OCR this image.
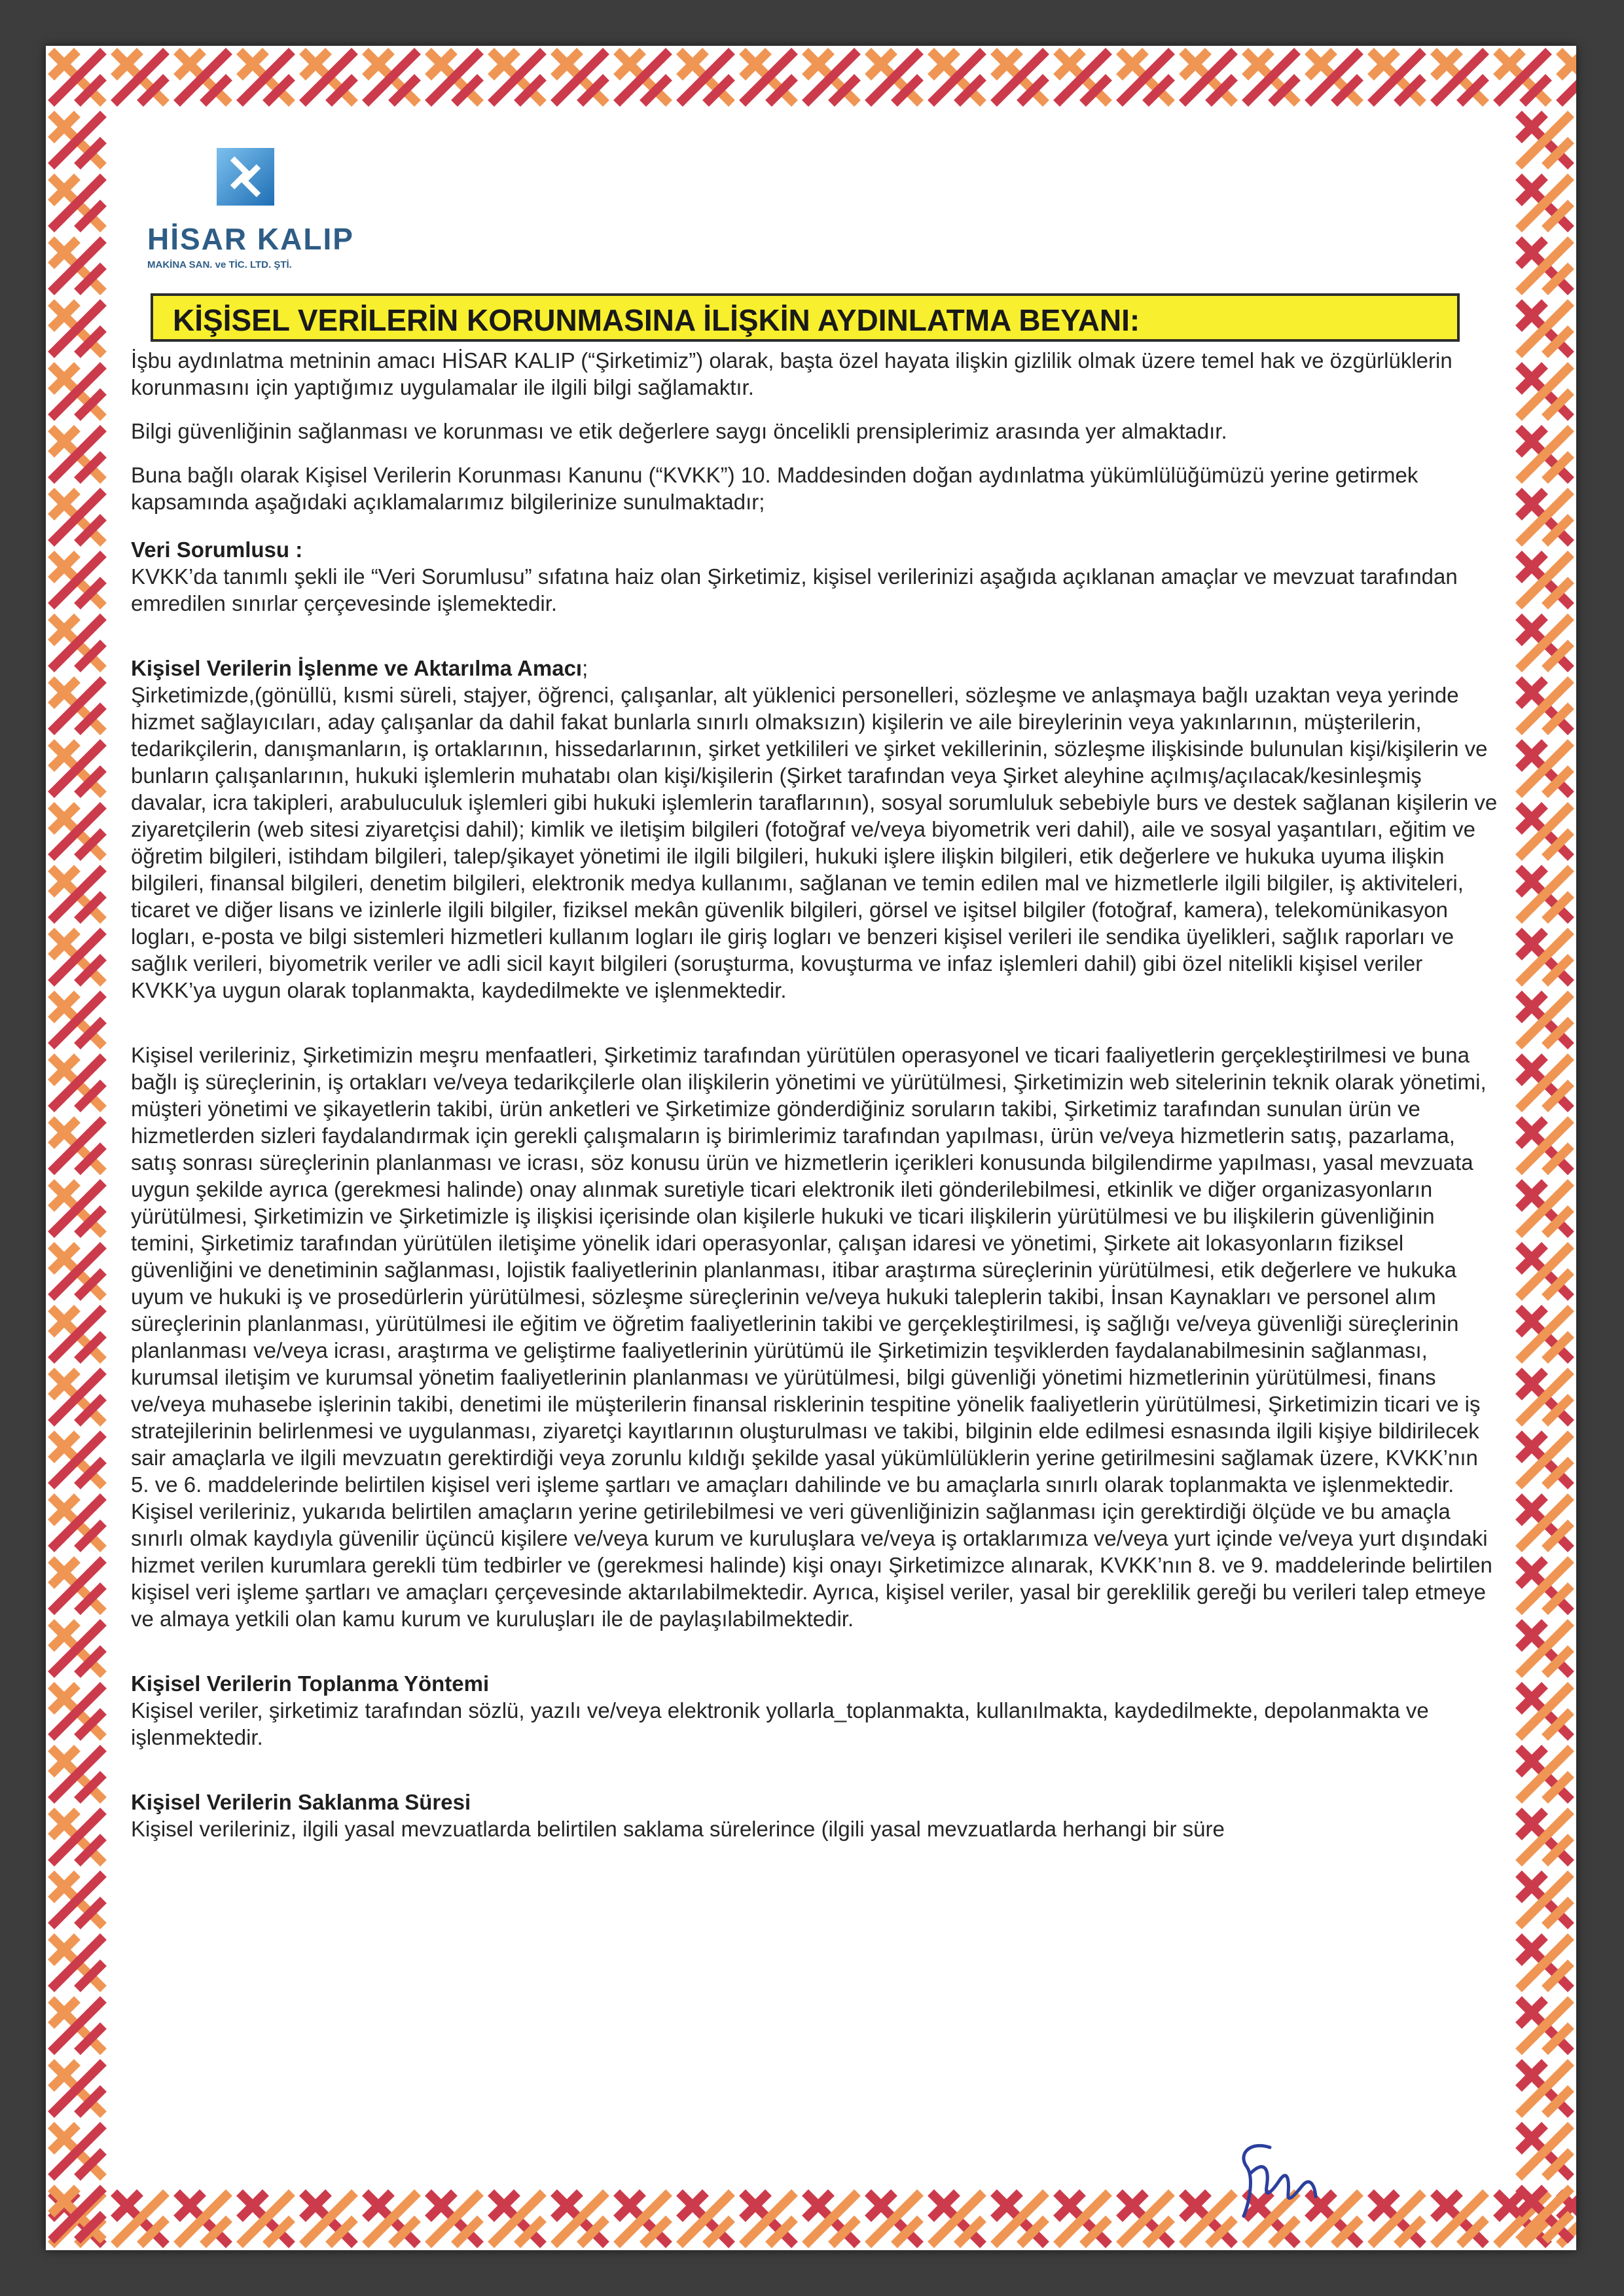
HİSAR KALIP
MAKİNA SAN. ve TİC. LTD. ŞTİ.
KİŞİSEL VERİLERİN KORUNMASINA İLİŞKİN AYDINLATMA BEYANI:

İşbu aydınlatma metninin amacı HİSAR KALIP (“Şirketimiz”) olarak, başta özel hayata ilişkin gizlilik olmak üzere temel hak ve özgürlüklerin korunmasını için yaptığımız uygulamalar ile ilgili bilgi sağlamaktır.

Bilgi güvenliğinin sağlanması ve korunması ve etik değerlere saygı öncelikli prensiplerimiz arasında yer almaktadır.

Buna bağlı olarak Kişisel Verilerin Korunması Kanunu (“KVKK”) 10. Maddesinden doğan aydınlatma yükümlülüğümüzü yerine getirmek kapsamında aşağıdaki açıklamalarımız bilgilerinize sunulmaktadır;

Veri Sorumlusu :

KVKK’da tanımlı şekli ile “Veri Sorumlusu” sıfatına haiz olan Şirketimiz, kişisel verilerinizi aşağıda açıklanan amaçlar ve mevzuat tarafından emredilen sınırlar çerçevesinde işlemektedir.

Kişisel Verilerin İşlenme ve Aktarılma Amacı;

Şirketimizde,(gönüllü, kısmi süreli, stajyer, öğrenci, çalışanlar, alt yüklenici personelleri, sözleşme ve anlaşmaya bağlı uzaktan veya yerinde hizmet sağlayıcıları, aday çalışanlar da dahil fakat bunlarla sınırlı olmaksızın) kişilerin ve aile bireylerinin veya yakınlarının, müşterilerin, tedarikçilerin, danışmanların, iş ortaklarının, hissedarlarının, şirket yetkilileri ve şirket vekillerinin, sözleşme ilişkisinde bulunulan kişi/kişilerin ve bunların çalışanlarının, hukuki işlemlerin muhatabı olan kişi/kişilerin (Şirket tarafından veya Şirket aleyhine açılmış/açılacak/kesinleşmiş davalar, icra takipleri, arabuluculuk işlemleri gibi hukuki işlemlerin taraflarının), sosyal sorumluluk sebebiyle burs ve destek sağlanan kişilerin ve ziyaretçilerin (web sitesi ziyaretçisi dahil); kimlik ve iletişim bilgileri (fotoğraf ve/veya biyometrik veri dahil), aile ve sosyal yaşantıları, eğitim ve öğretim bilgileri, istihdam bilgileri, talep/şikayet yönetimi ile ilgili bilgileri, hukuki işlere ilişkin bilgileri, etik değerlere ve hukuka uyuma ilişkin bilgileri, finansal bilgileri, denetim bilgileri, elektronik medya kullanımı, sağlanan ve temin edilen mal ve hizmetlerle ilgili bilgiler, iş aktiviteleri, ticaret ve diğer lisans ve izinlerle ilgili bilgiler, fiziksel mekân güvenlik bilgileri, görsel ve işitsel bilgiler (fotoğraf, kamera), telekomünikasyon logları, e-posta ve bilgi sistemleri hizmetleri kullanım logları ile giriş logları ve benzeri kişisel verileri ile sendika üyelikleri, sağlık raporları ve sağlık verileri, biyometrik veriler ve adli sicil kayıt bilgileri (soruşturma, kovuşturma ve infaz işlemleri dahil) gibi özel nitelikli kişisel veriler KVKK’ya uygun olarak toplanmakta, kaydedilmekte ve işlenmektedir.

Kişisel verileriniz, Şirketimizin meşru menfaatleri, Şirketimiz tarafından yürütülen operasyonel ve ticari faaliyetlerin gerçekleştirilmesi ve buna bağlı iş süreçlerinin, iş ortakları ve/veya tedarikçilerle olan ilişkilerin yönetimi ve yürütülmesi, Şirketimizin web sitelerinin teknik olarak yönetimi, müşteri yönetimi ve şikayetlerin takibi, ürün anketleri ve Şirketimize gönderdiğiniz soruların takibi, Şirketimiz tarafından sunulan ürün ve hizmetlerden sizleri faydalandırmak için gerekli çalışmaların iş birimlerimiz tarafından yapılması, ürün ve/veya hizmetlerin satış, pazarlama, satış sonrası süreçlerinin planlanması ve icrası, söz konusu ürün ve hizmetlerin içerikleri konusunda bilgilendirme yapılması, yasal mevzuata uygun şekilde ayrıca (gerekmesi halinde) onay alınmak suretiyle ticari elektronik ileti gönderilebilmesi, etkinlik ve diğer organizasyonların yürütülmesi, Şirketimizin ve Şirketimizle iş ilişkisi içerisinde olan kişilerle hukuki ve ticari ilişkilerin yürütülmesi ve bu ilişkilerin güvenliğinin temini, Şirketimiz tarafından yürütülen iletişime yönelik idari operasyonlar, çalışan idaresi ve yönetimi, Şirkete ait lokasyonların fiziksel güvenliğini ve denetiminin sağlanması, lojistik faaliyetlerinin planlanması, itibar araştırma süreçlerinin yürütülmesi, etik değerlere ve hukuka uyum ve hukuki iş ve prosedürlerin yürütülmesi, sözleşme süreçlerinin ve/veya hukuki taleplerin takibi, İnsan Kaynakları ve personel alım süreçlerinin planlanması, yürütülmesi ile eğitim ve öğretim faaliyetlerinin takibi ve gerçekleştirilmesi, iş sağlığı ve/veya güvenliği süreçlerinin planlanması ve/veya icrası, araştırma ve geliştirme faaliyetlerinin yürütümü ile Şirketimizin teşviklerden faydalanabilmesinin sağlanması, kurumsal iletişim ve kurumsal yönetim faaliyetlerinin planlanması ve yürütülmesi, bilgi güvenliği yönetimi hizmetlerinin yürütülmesi, finans ve/veya muhasebe işlerinin takibi, denetimi ile müşterilerin finansal risklerinin tespitine yönelik faaliyetlerin yürütülmesi, Şirketimizin ticari ve iş stratejilerinin belirlenmesi ve uygulanması, ziyaretçi kayıtlarının oluşturulması ve takibi, bilginin elde edilmesi esnasında ilgili kişiye bildirilecek sair amaçlarla ve ilgili mevzuatın gerektirdiği veya zorunlu kıldığı şekilde yasal yükümlülüklerin yerine getirilmesini sağlamak üzere, KVKK’nın 5. ve 6. maddelerinde belirtilen kişisel veri işleme şartları ve amaçları dahilinde ve bu amaçlarla sınırlı olarak toplanmakta ve işlenmektedir. Kişisel verileriniz, yukarıda belirtilen amaçların yerine getirilebilmesi ve veri güvenliğinizin sağlanması için gerektirdiği ölçüde ve bu amaçla sınırlı olmak kaydıyla güvenilir üçüncü kişilere ve/veya kurum ve kuruluşlara ve/veya iş ortaklarımıza ve/veya yurt içinde ve/veya yurt dışındaki hizmet verilen kurumlara gerekli tüm tedbirler ve (gerekmesi halinde) kişi onayı Şirketimizce alınarak, KVKK’nın 8. ve 9. maddelerinde belirtilen kişisel veri işleme şartları ve amaçları çerçevesinde aktarılabilmektedir. Ayrıca, kişisel veriler, yasal bir gereklilik gereği bu verileri talep etmeye ve almaya yetkili olan kamu kurum ve kuruluşları ile de paylaşılabilmektedir.

Kişisel Verilerin Toplanma Yöntemi

Kişisel veriler, şirketimiz tarafından sözlü, yazılı ve/veya elektronik yollarla_toplanmakta, kullanılmakta, kaydedilmekte, depolanmakta ve işlenmektedir.

Kişisel Verilerin Saklanma Süresi

Kişisel verileriniz, ilgili yasal mevzuatlarda belirtilen saklama sürelerince (ilgili yasal mevzuatlarda herhangi bir süre
